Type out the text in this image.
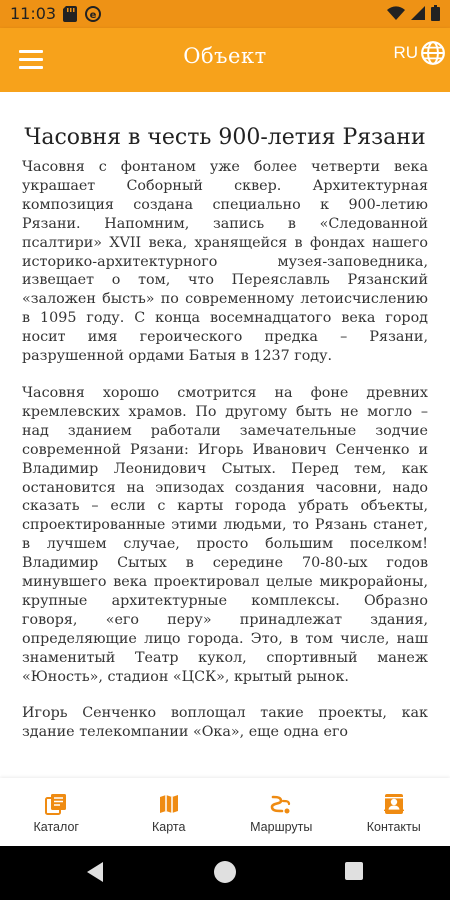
11:03	e
Объект	RU
Часовня в честь 900-летия Рязани
Часовня с фонтаном уже более четверти века украшает Соборный сквер. Архитектурная композиция создана специально к 900-летию Рязани. Напомним, запись в «Следованной псалтири» XVII века, хранящейся в фондах нашего историко-архитектурного музея-заповедника, извещает о том, что Переяславль Рязанский «заложен бысть» по современному летоисчислению в 1095 году. С конца восемнадцатого века город носит имя героического предка – Рязани, разрушенной ордами Батыя в 1237 году.
Часовня хорошо смотрится на фоне древних кремлевских храмов. По другому быть не могло – над зданием работали замечательные зодчие современной Рязани: Игорь Иванович Сенченко и Владимир Леонидович Сытых. Перед тем, как остановится на эпизодах создания часовни, надо сказать – если с карты города убрать объекты, спроектированные этими людьми, то Рязань станет, в лучшем случае, просто большим поселком! Владимир Сытых в середине 70-80-ых годов минувшего века проектировал целые микрорайоны, крупные архитектурные комплексы. Образно говоря, «его перу» принадлежат здания, определяющие лицо города. Это, в том числе, наш знаменитый Театр кукол, спортивный манеж «Юность», стадион «ЦСК», крытый рынок.
Игорь Сенченко воплощал такие проекты, как здание телекомпании «Ока», еще одна его
Каталог	Карта	Маршруты	Контакты
